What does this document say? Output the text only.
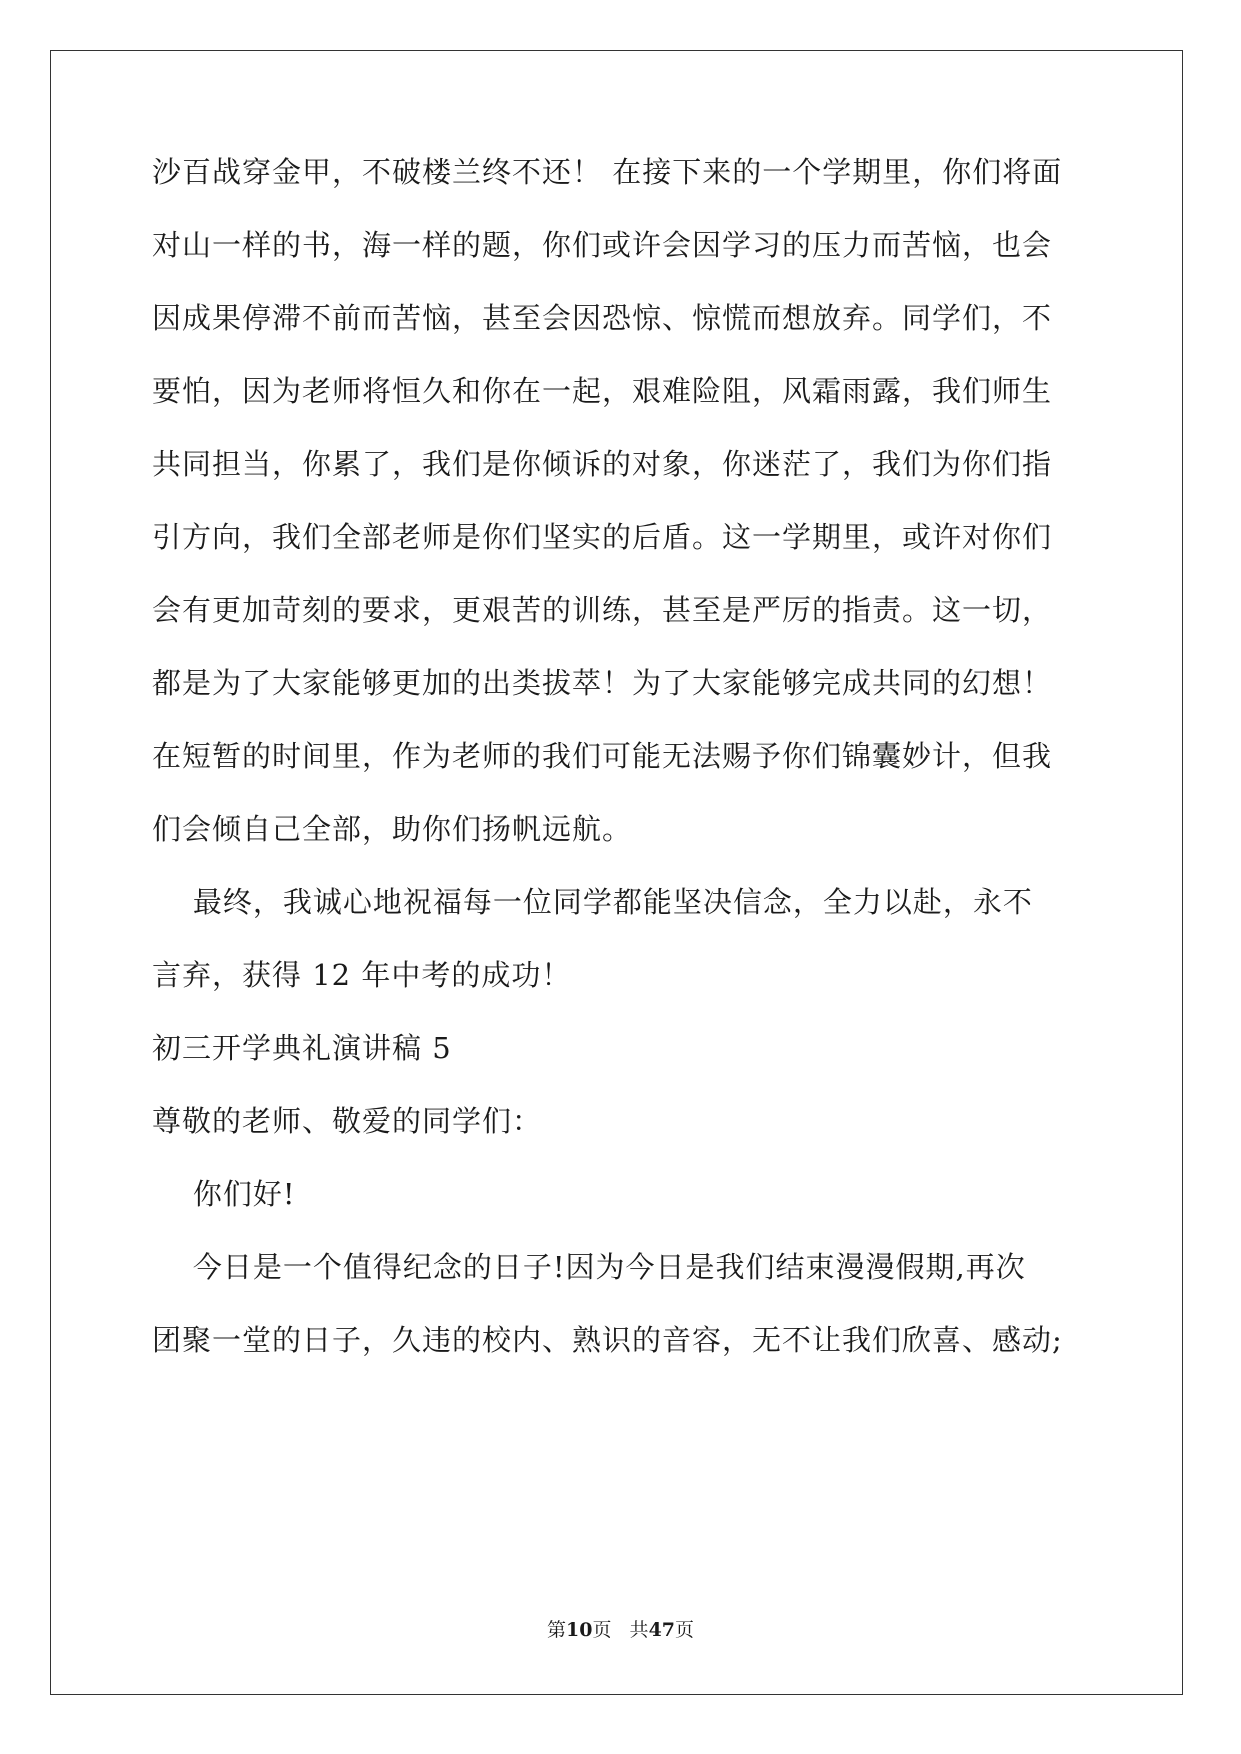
沙百战穿金甲，不破楼兰终不还！ 在接下来的一个学期里，你们将面
对山一样的书，海一样的题，你们或许会因学习的压力而苦恼，也会
因成果停滞不前而苦恼，甚至会因恐惊、惊慌而想放弃。同学们，不
要怕，因为老师将恒久和你在一起，艰难险阻，风霜雨露，我们师生
共同担当，你累了，我们是你倾诉的对象，你迷茫了，我们为你们指
引方向，我们全部老师是你们坚实的后盾。这一学期里，或许对你们
会有更加苛刻的要求，更艰苦的训练，甚至是严厉的指责。这一切，
都是为了大家能够更加的出类拔萃！为了大家能够完成共同的幻想！
在短暂的时间里，作为老师的我们可能无法赐予你们锦囊妙计，但我
们会倾自己全部，助你们扬帆远航。
最终，我诚心地祝福每一位同学都能坚决信念，全力以赴，永不
言弃，获得 12 年中考的成功！
初三开学典礼演讲稿 5
尊敬的老师、敬爱的同学们：
你们好!
今日是一个值得纪念的日子!因为今日是我们结束漫漫假期,再次
团聚一堂的日子，久违的校内、熟识的音容，无不让我们欣喜、感动;
第10页   共47页
